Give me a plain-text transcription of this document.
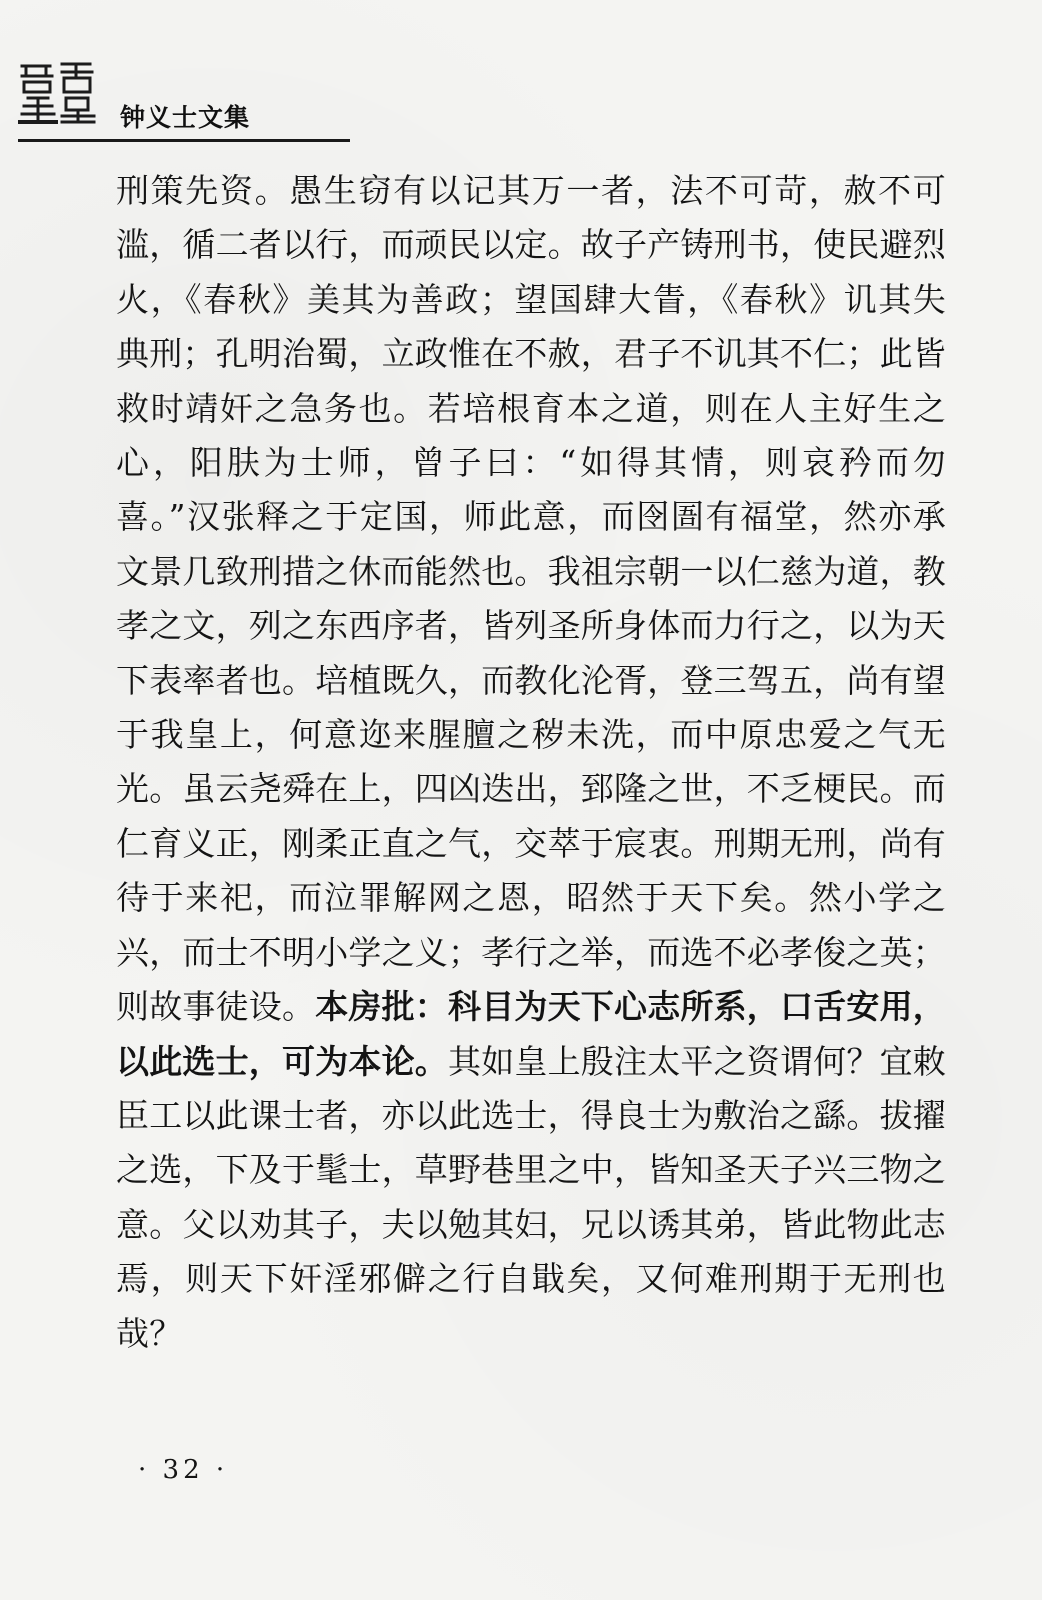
钟义士文集
刑策先资。愚生窃有以记其万一者，法不可苛，赦不可滥，循二者以行，而顽民以定。故子产铸刑书，使民避烈火，《春秋》美其为善政；望国肆大眚，《春秋》讥其失典刑；孔明治蜀，立政惟在不赦，君子不讥其不仁；此皆救时靖奸之急务也。若培根育本之道，则在人主好生之心，阳肤为士师，曾子曰：“如得其情，则哀矜而勿喜。”汉张释之于定国，师此意，而囹圄有福堂，然亦承文景几致刑措之休而能然也。我祖宗朝一以仁慈为道，教孝之文，列之东西序者，皆列圣所身体而力行之，以为天下表率者也。培植既久，而教化沦胥，登三驾五，尚有望于我皇上，何意迩来腥膻之秽未洗，而中原忠爱之气无光。虽云尧舜在上，四凶迭出，郅隆之世，不乏梗民。而仁育义正，刚柔正直之气，交萃于宸衷。刑期无刑，尚有待于来祀，而泣罪解网之恩，昭然于天下矣。然小学之兴，而士不明小学之义；孝行之举，而选不必孝俊之英；则故事徒设。本房批：科目为天下心志所系，口舌安用，以此选士，可为本论。其如皇上殷注太平之资谓何？宜敕臣工以此课士者，亦以此选士，得良士为敷治之繇。拔擢之选，下及于髦士，草野巷里之中，皆知圣天子兴三物之意。父以劝其子，夫以勉其妇，兄以诱其弟，皆此物此志焉，则天下奸淫邪僻之行自戢矣，又何难刑期于无刑也哉？
· 32 ·
